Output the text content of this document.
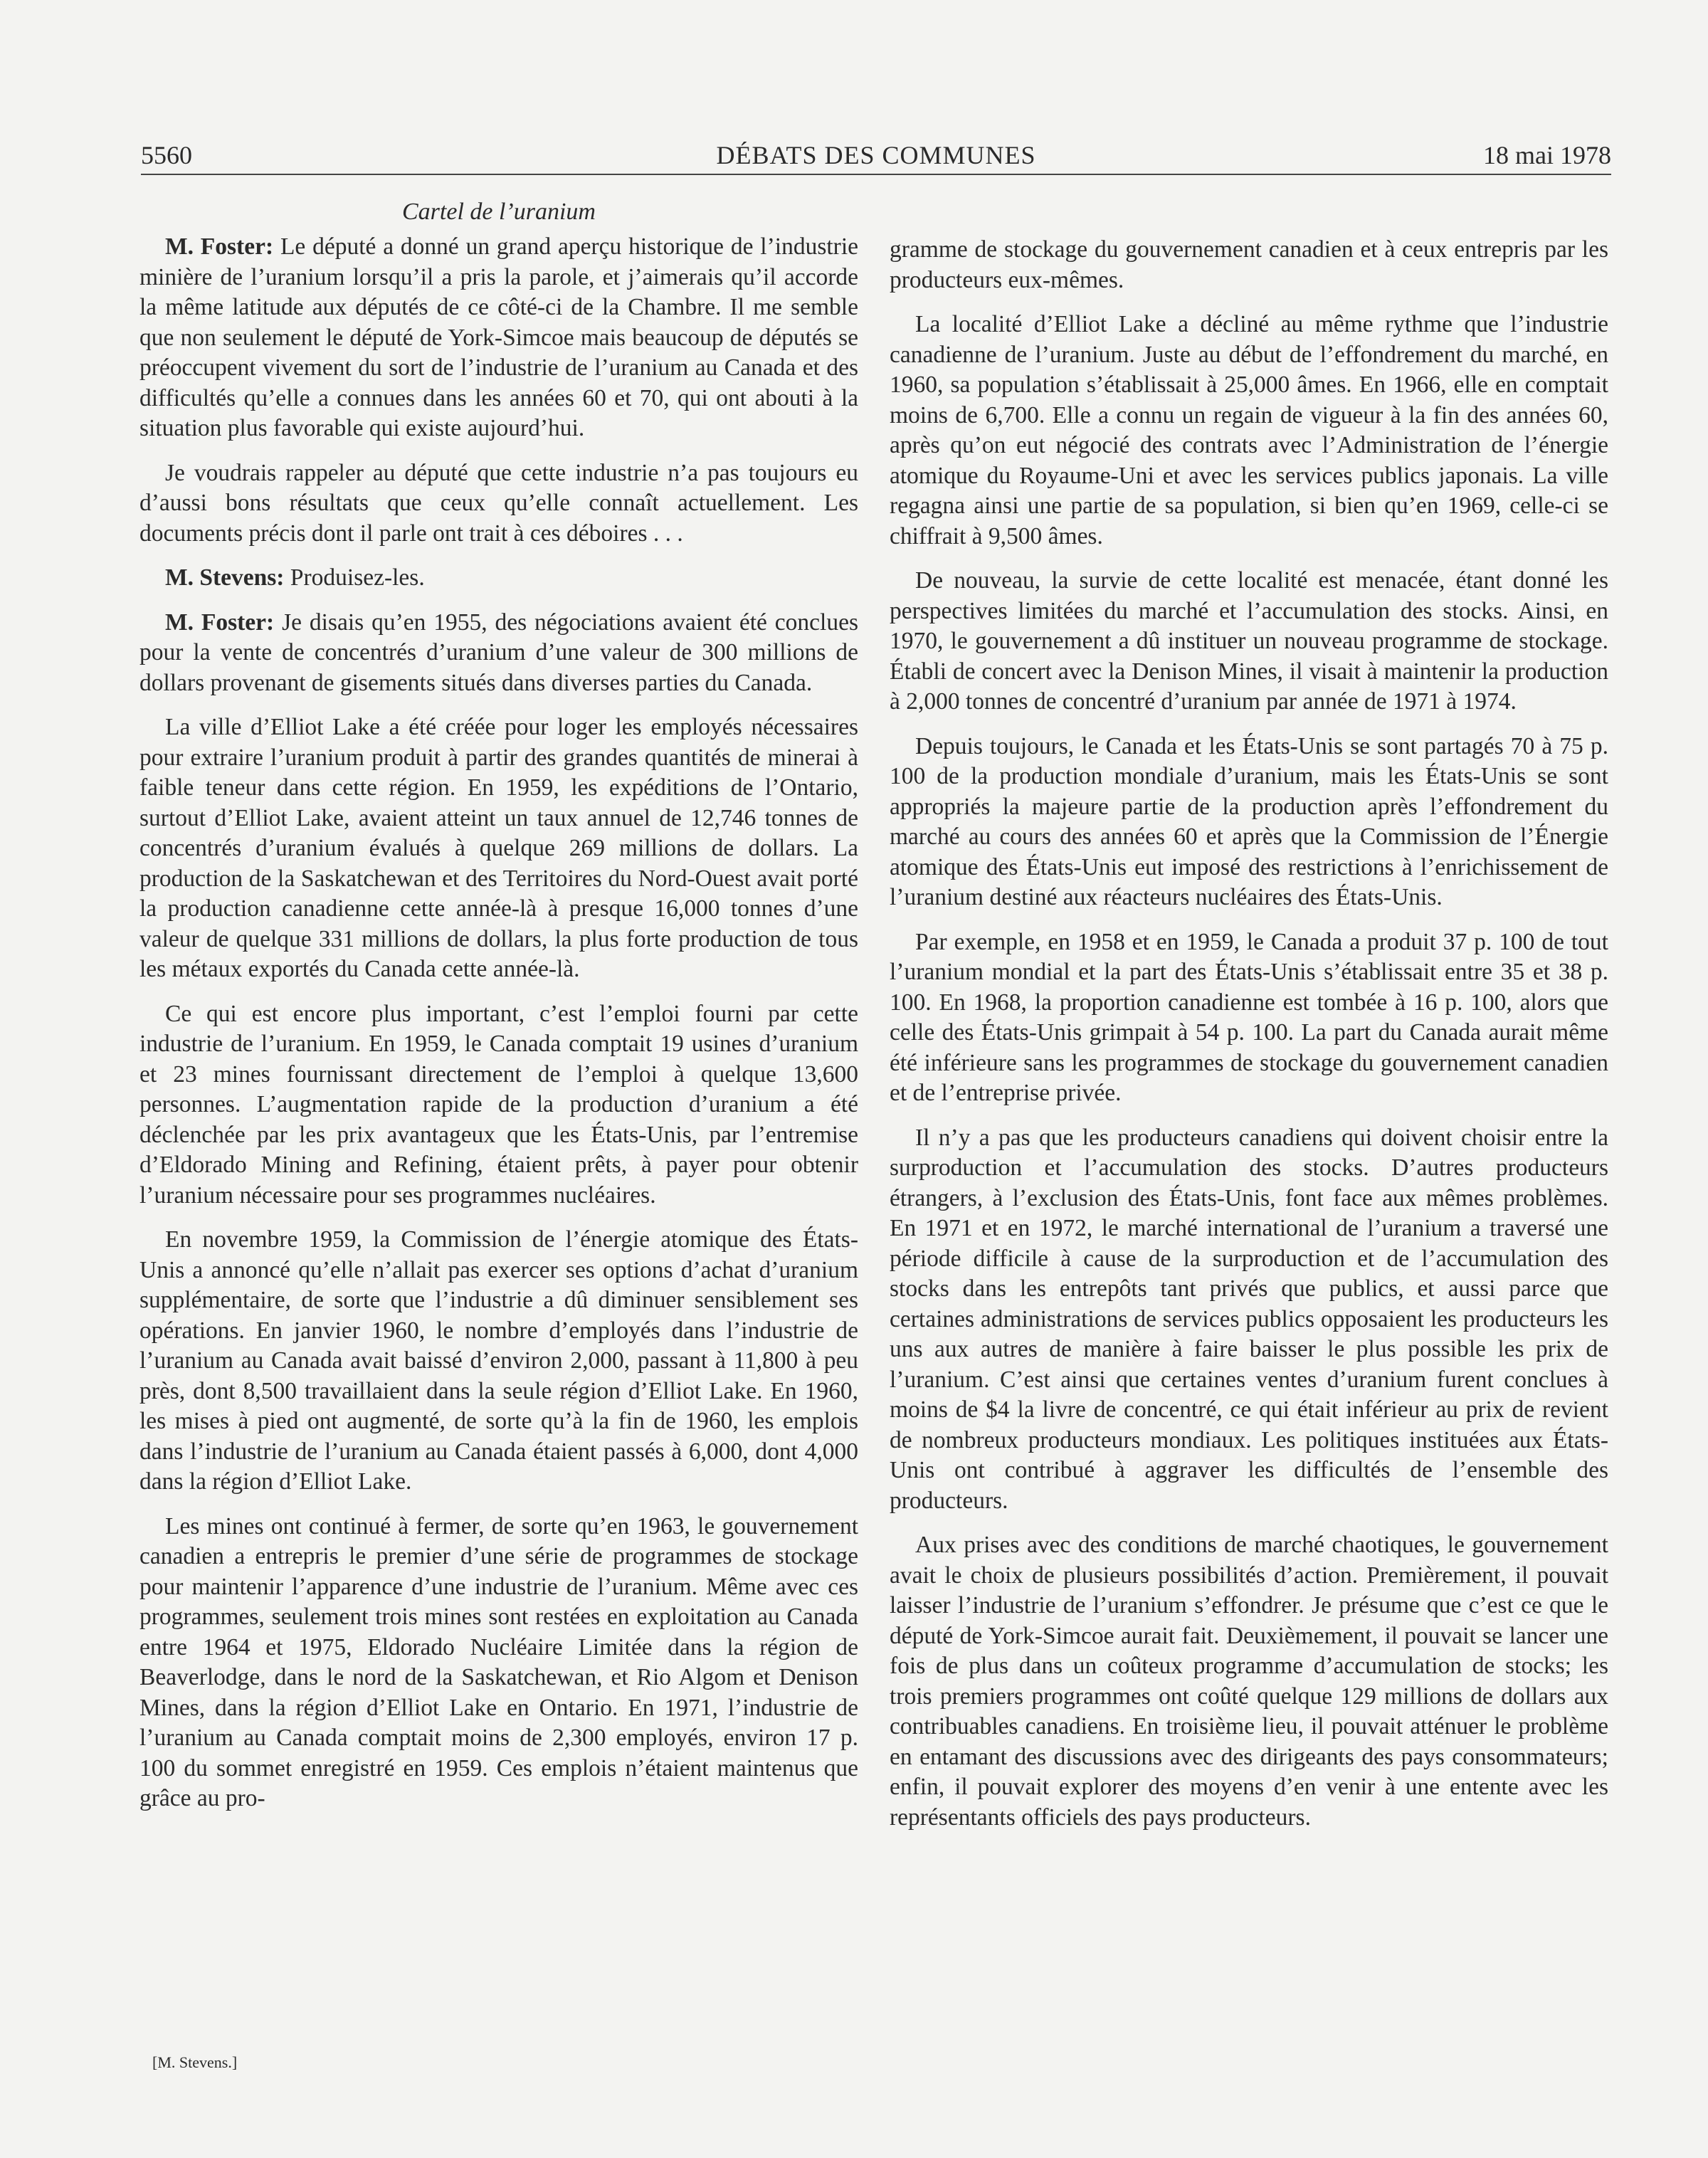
5560	DÉBATS DES COMMUNES	18 mai 1978
Cartel de l’uranium

M. Foster: Le député a donné un grand aperçu historique de l’industrie minière de l’uranium lorsqu’il a pris la parole, et j’aimerais qu’il accorde la même latitude aux députés de ce côté-ci de la Chambre. Il me semble que non seulement le député de York-Simcoe mais beaucoup de députés se préoccupent vivement du sort de l’industrie de l’uranium au Canada et des difficultés qu’elle a connues dans les années 60 et 70, qui ont abouti à la situation plus favorable qui existe aujourd’hui.

Je voudrais rappeler au député que cette industrie n’a pas toujours eu d’aussi bons résultats que ceux qu’elle connaît actuellement. Les documents précis dont il parle ont trait à ces déboires . . .

M. Stevens: Produisez-les.

M. Foster: Je disais qu’en 1955, des négociations avaient été conclues pour la vente de concentrés d’uranium d’une valeur de 300 millions de dollars provenant de gisements situés dans diverses parties du Canada.

La ville d’Elliot Lake a été créée pour loger les employés nécessaires pour extraire l’uranium produit à partir des grandes quantités de minerai à faible teneur dans cette région. En 1959, les expéditions de l’Ontario, surtout d’Elliot Lake, avaient atteint un taux annuel de 12,746 tonnes de concentrés d’uranium évalués à quelque 269 millions de dollars. La production de la Saskatchewan et des Territoires du Nord-Ouest avait porté la production canadienne cette année-là à presque 16,000 tonnes d’une valeur de quelque 331 millions de dollars, la plus forte production de tous les métaux exportés du Canada cette année-là.

Ce qui est encore plus important, c’est l’emploi fourni par cette industrie de l’uranium. En 1959, le Canada comptait 19 usines d’uranium et 23 mines fournissant directement de l’emploi à quelque 13,600 personnes. L’augmentation rapide de la production d’uranium a été déclenchée par les prix avantageux que les États-Unis, par l’entremise d’Eldorado Mining and Refining, étaient prêts, à payer pour obtenir l’uranium nécessaire pour ses programmes nucléaires.

En novembre 1959, la Commission de l’énergie atomique des États-Unis a annoncé qu’elle n’allait pas exercer ses options d’achat d’uranium supplémentaire, de sorte que l’industrie a dû diminuer sensiblement ses opérations. En janvier 1960, le nombre d’employés dans l’industrie de l’uranium au Canada avait baissé d’environ 2,000, passant à 11,800 à peu près, dont 8,500 travaillaient dans la seule région d’Elliot Lake. En 1960, les mises à pied ont augmenté, de sorte qu’à la fin de 1960, les emplois dans l’industrie de l’uranium au Canada étaient passés à 6,000, dont 4,000 dans la région d’Elliot Lake.

Les mines ont continué à fermer, de sorte qu’en 1963, le gouvernement canadien a entrepris le premier d’une série de programmes de stockage pour maintenir l’apparence d’une industrie de l’uranium. Même avec ces programmes, seulement trois mines sont restées en exploitation au Canada entre 1964 et 1975, Eldorado Nucléaire Limitée dans la région de Beaverlodge, dans le nord de la Saskatchewan, et Rio Algom et Denison Mines, dans la région d’Elliot Lake en Ontario. En 1971, l’industrie de l’uranium au Canada comptait moins de 2,300 employés, environ 17 p. 100 du sommet enregistré en 1959. Ces emplois n’étaient maintenus que grâce au pro-

gramme de stockage du gouvernement canadien et à ceux entrepris par les producteurs eux-mêmes.

La localité d’Elliot Lake a décliné au même rythme que l’industrie canadienne de l’uranium. Juste au début de l’effondrement du marché, en 1960, sa population s’établissait à 25,000 âmes. En 1966, elle en comptait moins de 6,700. Elle a connu un regain de vigueur à la fin des années 60, après qu’on eut négocié des contrats avec l’Administration de l’énergie atomique du Royaume-Uni et avec les services publics japonais. La ville regagna ainsi une partie de sa population, si bien qu’en 1969, celle-ci se chiffrait à 9,500 âmes.

De nouveau, la survie de cette localité est menacée, étant donné les perspectives limitées du marché et l’accumulation des stocks. Ainsi, en 1970, le gouvernement a dû instituer un nouveau programme de stockage. Établi de concert avec la Denison Mines, il visait à maintenir la production à 2,000 tonnes de concentré d’uranium par année de 1971 à 1974.

Depuis toujours, le Canada et les États-Unis se sont partagés 70 à 75 p. 100 de la production mondiale d’uranium, mais les États-Unis se sont appropriés la majeure partie de la production après l’effondrement du marché au cours des années 60 et après que la Commission de l’Énergie atomique des États-Unis eut imposé des restrictions à l’enrichissement de l’uranium destiné aux réacteurs nucléaires des États-Unis.

Par exemple, en 1958 et en 1959, le Canada a produit 37 p. 100 de tout l’uranium mondial et la part des États-Unis s’établissait entre 35 et 38 p. 100. En 1968, la proportion canadienne est tombée à 16 p. 100, alors que celle des États-Unis grimpait à 54 p. 100. La part du Canada aurait même été inférieure sans les programmes de stockage du gouvernement canadien et de l’entreprise privée.

Il n’y a pas que les producteurs canadiens qui doivent choisir entre la surproduction et l’accumulation des stocks. D’autres producteurs étrangers, à l’exclusion des États-Unis, font face aux mêmes problèmes. En 1971 et en 1972, le marché international de l’uranium a traversé une période difficile à cause de la surproduction et de l’accumulation des stocks dans les entrepôts tant privés que publics, et aussi parce que certaines administrations de services publics opposaient les producteurs les uns aux autres de manière à faire baisser le plus possible les prix de l’uranium. C’est ainsi que certaines ventes d’uranium furent conclues à moins de $4 la livre de concentré, ce qui était inférieur au prix de revient de nombreux producteurs mondiaux. Les politiques instituées aux États-Unis ont contribué à aggraver les difficultés de l’ensemble des producteurs.

Aux prises avec des conditions de marché chaotiques, le gouvernement avait le choix de plusieurs possibilités d’action. Premièrement, il pouvait laisser l’industrie de l’uranium s’effondrer. Je présume que c’est ce que le député de York-Simcoe aurait fait. Deuxièmement, il pouvait se lancer une fois de plus dans un coûteux programme d’accumulation de stocks; les trois premiers programmes ont coûté quelque 129 millions de dollars aux contribuables canadiens. En troisième lieu, il pouvait atténuer le problème en entamant des discussions avec des dirigeants des pays consommateurs; enfin, il pouvait explorer des moyens d’en venir à une entente avec les représentants officiels des pays producteurs.

[M. Stevens.]
